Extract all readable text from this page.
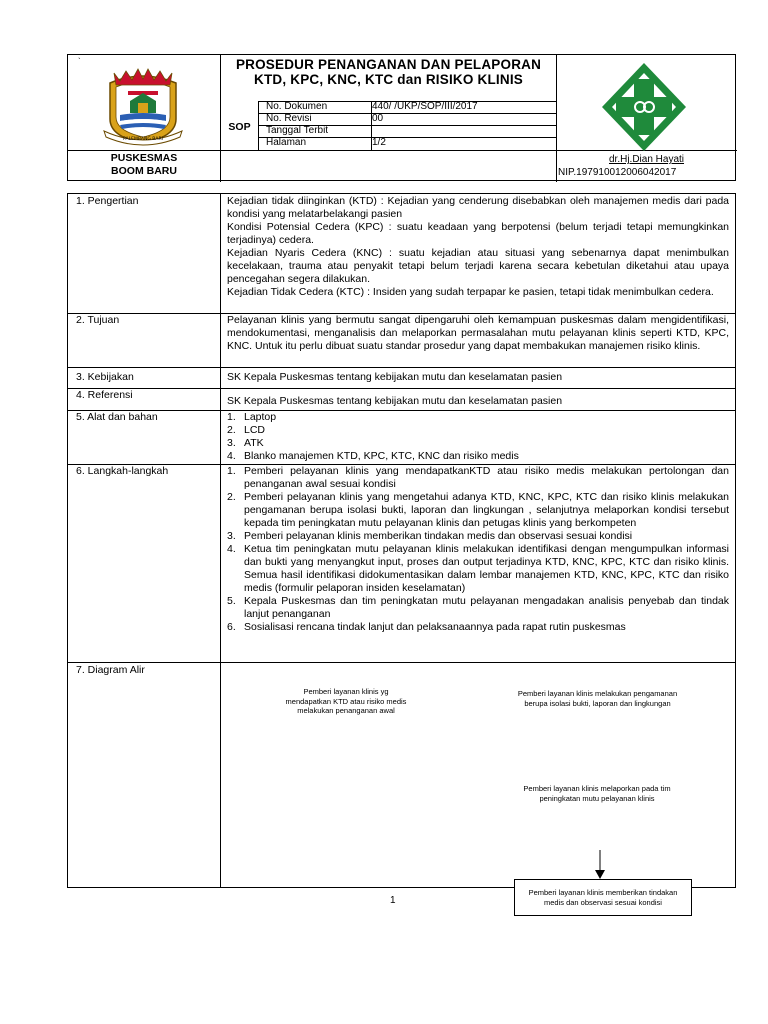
`
PALEMBANG BARI
PROSEDUR PENANGANAN DAN PELAPORAN KTD, KPC, KNC, KTC dan RISIKO KLINIS
SOP
No. Dokumen	440/ /UKP/SOP/III/2017
No. Revisi	00
Tanggal Terbit
Halaman	1/2
PUSKESMAS
BOOM BARU
dr.Hj.Dian Hayati
NIP.197910012006042017
1. Pengertian	Kejadian tidak diinginkan (KTD) : Kejadian yang cenderung disebabkan oleh manajemen medis dari pada kondisi yang melatarbelakangi pasien

Kondisi Potensial Cedera (KPC) : suatu keadaan yang berpotensi (belum terjadi tetapi memungkinkan terjadinya) cedera.

Kejadian Nyaris Cedera (KNC) : suatu kejadian atau situasi yang sebenarnya dapat menimbulkan kecelakaan, trauma atau penyakit tetapi belum terjadi karena secara kebetulan diketahui atau upaya pencegahan segera dilakukan.

Kejadian Tidak Cedera (KTC) : Insiden yang sudah terpapar ke pasien, tetapi tidak menimbulkan cedera.

2. Tujuan	Pelayanan klinis yang bermutu sangat dipengaruhi oleh kemampuan puskesmas dalam mengidentifikasi, mendokumentasi, menganalisis dan melaporkan permasalahan mutu pelayanan klinis seperti KTD, KPC, KNC. Untuk itu perlu dibuat suatu standar prosedur yang dapat membakukan manajemen risiko klinis.

3. Kebijakan	SK Kepala Puskesmas tentang kebijakan mutu dan keselamatan pasien

4. Referensi	SK Kepala Puskesmas tentang kebijakan mutu dan keselamatan pasien

5. Alat dan bahan	1. Laptop
2. LCD
3. ATK
4. Blanko manajemen KTD, KPC, KTC, KNC dan risiko medis
6. Langkah-langkah	1. Pemberi pelayanan klinis yang mendapatkanKTD atau risiko medis melakukan pertolongan dan penanganan awal sesuai kondisi
2. Pemberi pelayanan klinis yang mengetahui adanya KTD, KNC, KPC, KTC dan risiko klinis melakukan pengamanan berupa isolasi bukti, laporan dan lingkungan , selanjutnya melaporkan kondisi tersebut kepada tim peningkatan mutu pelayanan klinis dan petugas klinis yang berkompeten
3. Pemberi pelayanan klinis memberikan tindakan medis dan observasi sesuai kondisi
4. Ketua tim peningkatan mutu pelayanan klinis melakukan identifikasi dengan mengumpulkan informasi dan bukti yang menyangkut input, proses dan output terjadinya KTD, KNC, KPC, KTC dan risiko klinis. Semua hasil identifikasi didokumentasikan dalam lembar manajemen KTD, KNC, KPC, KTC dan risiko medis (formulir pelaporan insiden keselamatan)
5. Kepala Puskesmas dan tim peningkatan mutu pelayanan mengadakan analisis penyebab dan tindak lanjut penanganan
6. Sosialisasi rencana tindak lanjut dan pelaksanaannya pada rapat rutin puskesmas
7. Diagram Alir
Pemberi layanan klinis yg mendapatkan KTD atau risiko medis melakukan penanganan awal
Pemberi layanan klinis melakukan pengamanan berupa isolasi bukti, laporan dan lingkungan
Pemberi layanan klinis melaporkan pada tim peningkatan mutu pelayanan klinis
Pemberi layanan klinis memberikan tindakan medis dan observasi sesuai kondisi
1
